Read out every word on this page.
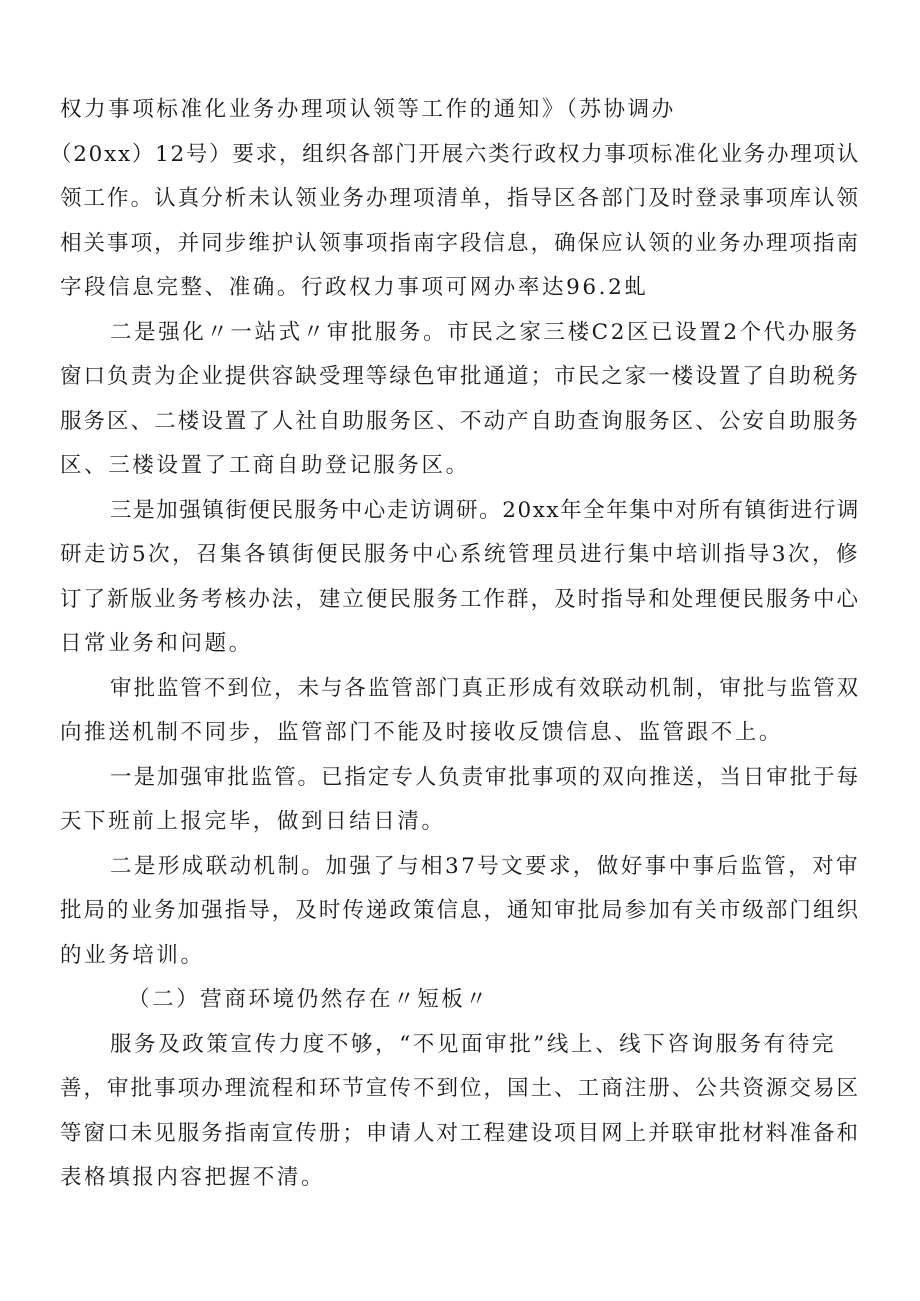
权力事项标准化业务办理项认领等工作的通知》（苏协调办
（20xx）12号）要求，组织各部门开展六类行政权力事项标准化业务办理项认
领工作。认真分析未认领业务办理项清单，指导区各部门及时登录事项库认领
相关事项，并同步维护认领事项指南字段信息，确保应认领的业务办理项指南
字段信息完整、准确。行政权力事项可网办率达96.2虬
二是强化〃一站式〃审批服务。市民之家三楼C2区已设置2个代办服务
窗口负责为企业提供容缺受理等绿色审批通道；市民之家一楼设置了自助税务
服务区、二楼设置了人社自助服务区、不动产自助查询服务区、公安自助服务
区、三楼设置了工商自助登记服务区。
三是加强镇街便民服务中心走访调研。20xx年全年集中对所有镇街进行调
研走访5次，召集各镇街便民服务中心系统管理员进行集中培训指导3次，修
订了新版业务考核办法，建立便民服务工作群，及时指导和处理便民服务中心
日常业务和问题。
审批监管不到位，未与各监管部门真正形成有效联动机制，审批与监管双
向推送机制不同步，监管部门不能及时接收反馈信息、监管跟不上。
一是加强审批监管。已指定专人负责审批事项的双向推送，当日审批于每
天下班前上报完毕，做到日结日清。
二是形成联动机制。加强了与相37号文要求，做好事中事后监管，对审
批局的业务加强指导，及时传递政策信息，通知审批局参加有关市级部门组织
的业务培训。
（二）营商环境仍然存在〃短板〃
服务及政策宣传力度不够，“不见面审批”线上、线下咨询服务有待完
善，审批事项办理流程和环节宣传不到位，国土、工商注册、公共资源交易区
等窗口未见服务指南宣传册；申请人对工程建设项目网上并联审批材料准备和
表格填报内容把握不清。
